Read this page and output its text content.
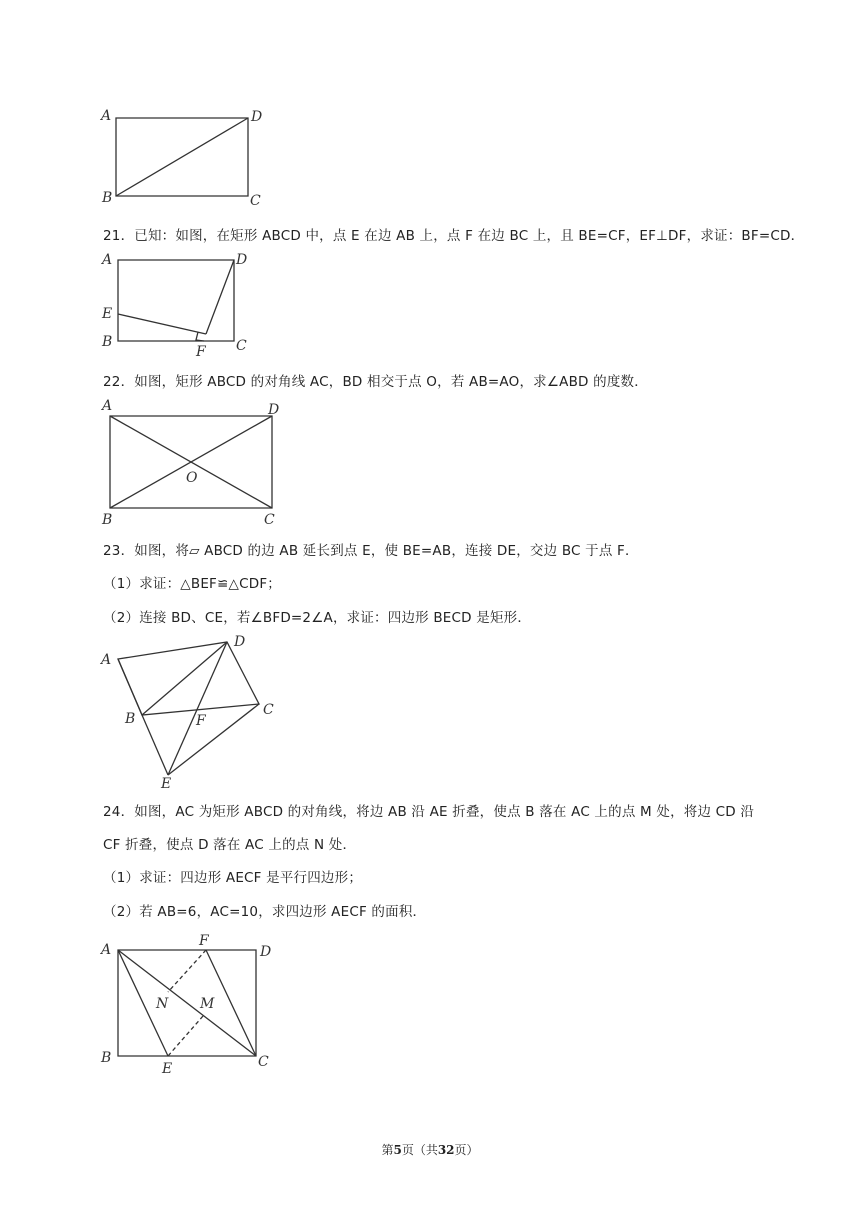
A	D
B	C
21．已知：如图，在矩形 ABCD 中，点 E 在边 AB 上，点 F 在边 BC 上，且 BE=CF，EF⊥DF，求证：BF=CD．
A	D
E
B
F C
22．如图，矩形 ABCD 的对角线 AC，BD 相交于点 O，若 AB=AO，求∠ABD 的度数．
A	D
O
B	C
23．如图，将▱ ABCD 的边 AB 延长到点 E，使 BE=AB，连接 DE，交边 BC 于点 F．
（1）求证：△BEF≌△CDF；
（2）连接 BD、CE，若∠BFD=2∠A，求证：四边形 BECD 是矩形．
A
D
B	F
C
E
24．如图，AC 为矩形 ABCD 的对角线，将边 AB 沿 AE 折叠，使点 B 落在 AC 上的点 M 处，将边 CD 沿
CF 折叠，使点 D 落在 AC 上的点 N 处．
（1）求证：四边形 AECF 是平行四边形；
（2）若 AB=6，AC=10，求四边形 AECF 的面积．
A
F
D
N M
B
E	C
第5页（共32页）
